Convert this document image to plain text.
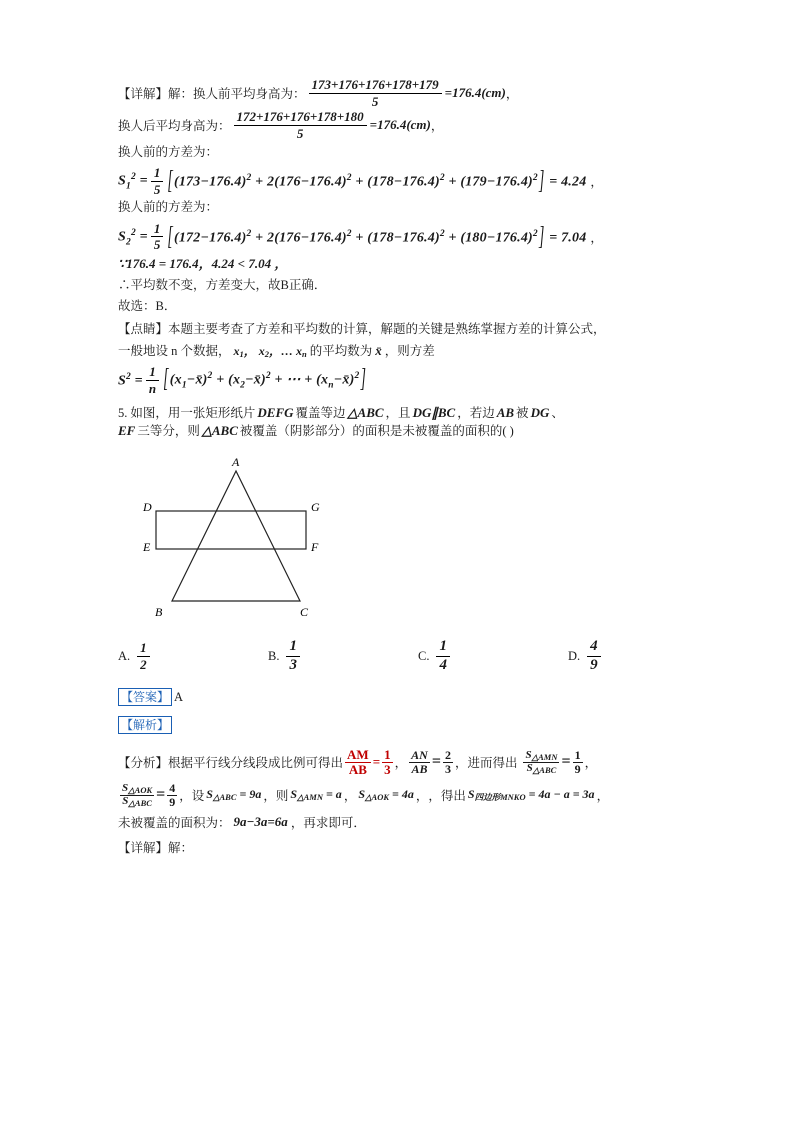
【详解】解： 换人前平均身高为： $\frac{173+176+176+178+179}{5} =176.4(cm)$ ，
换人后平均身高为： $\frac{172+176+176+178+180}{5} =176.4(cm)$ ，
换人前的方差为：
$S_1^2 = \frac{1}{5} [(173-176.4)^2 + 2(176-176.4)^2 + (178-176.4)^2 + (179-176.4)^2] = 4.24$ ，
换人前的方差为：
$S_2^2 = \frac{1}{5} [(172-176.4)^2 + 2(176-176.4)^2 + (178-176.4)^2 + (180-176.4)^2] = 7.04$ ，
∵176.4 = 176.4，4.24 < 7.04 ，
∴平均数不变，方差变大，故B正确．
故选：B．
【点睛】 本题主要考查了方差和平均数的计算，解题的关键是熟练掌握方差的计算公式，
一般地设 n 个数据， x1， x2，… xn 的平均数为 x̄ ，则方差
$S^2 = \frac{1}{n}$ [$(x_1-x̄)^2$ + $(x_2-x̄)^2$ + ⋯ + $(x_n-x̄)^2$]
5. 如图，用一张矩形纸片 DEFG 覆盖等边 △ABC ，且 DG∥BC ，若边 AB 被 DG 、
EF 三等分，则 △ABC 被覆盖（阴影部分）的面积是未被覆盖的面积的( )
A
D	G
E	F
B	C
A. $\frac{1}{2}$	B. $\frac{1}{3}$	C. $\frac{1}{4}$	D. $\frac{4}{9}$
【答案】 A
【解析】
【分析】 根据平行线分线段成比例可得出 $\frac{AM}{AB} = \frac{1}{3}$ ， $\frac{AN}{AB} = \frac{2}{3}$ ，进而得出 $\frac{\text{S△AMN}}{\text{S△ABC}} = \frac{1}{9}$ ，
$\frac{\text{S△AOK}}{\text{S△ABC}} = \frac{4}{9}$ ，设 S△ABC = 9a ，则 S△AMN = a ， S△AOK = 4a ， ，得出 S四边形MNKO = 4a − a = 3a ，
未被覆盖的面积为： 9a−3a=6a ，再求即可．
【详解】解：
